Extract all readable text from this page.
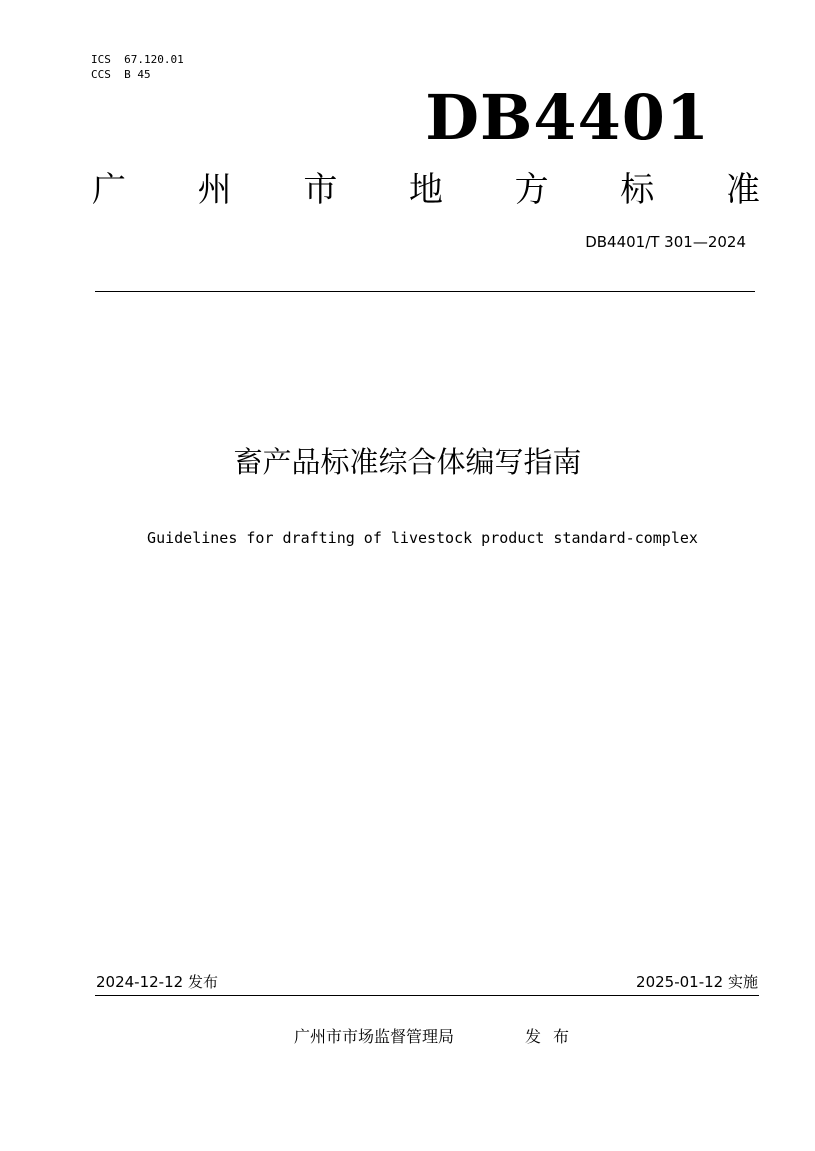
ICS  67.120.01
CCS  B 45
DB4401
广 州 市 地 方 标 准
DB4401/T 301—2024
畜产品标准综合体编写指南
Guidelines for drafting of livestock product standard-complex
2024-12-12 发布	2025-01-12 实施
广州市市场监督管理局	发布
